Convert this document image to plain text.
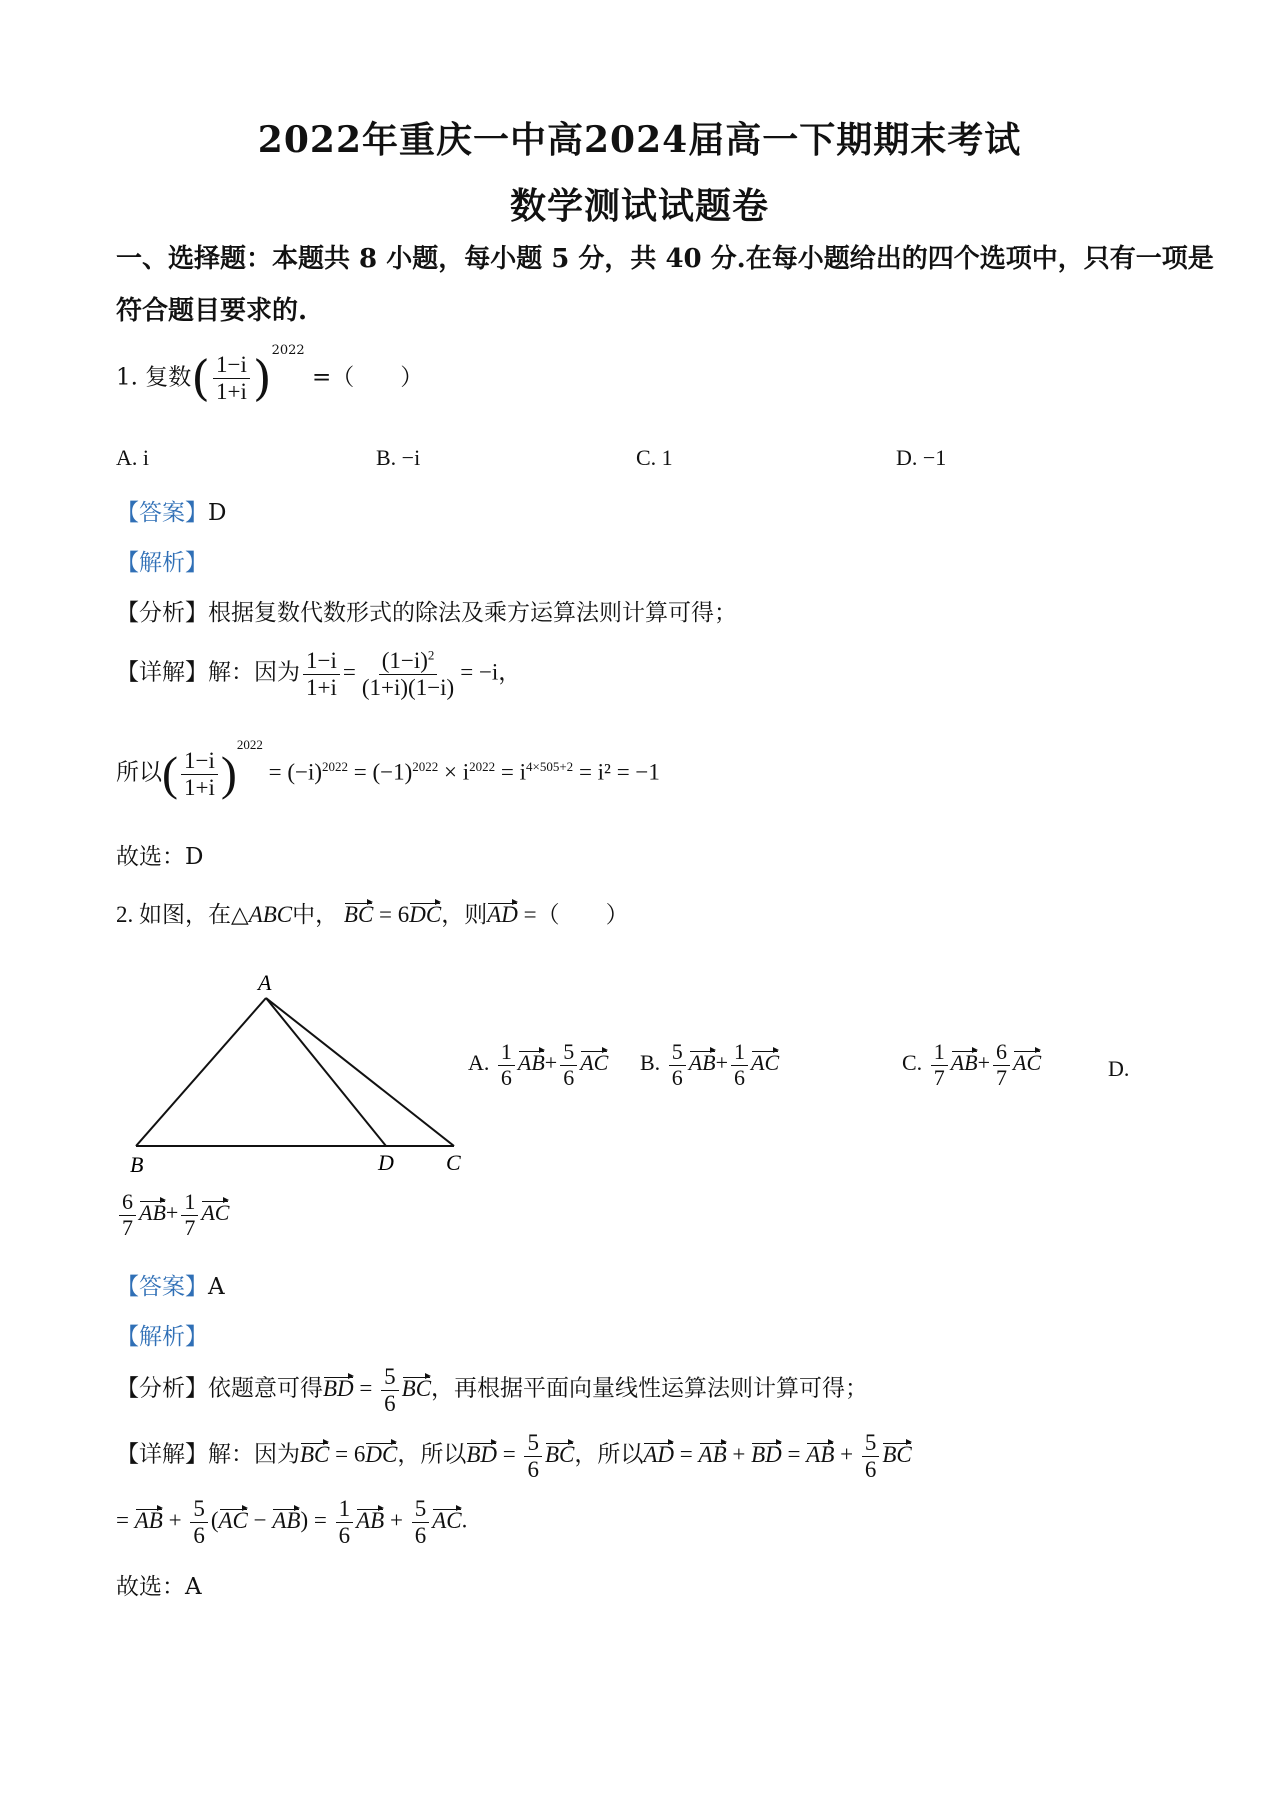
2022年重庆一中高2024届高一下期期末考试
数学测试试题卷
一、选择题：本题共 8 小题，每小题 5 分，共 40 分.在每小题给出的四个选项中，只有一项是
符合题目要求的.
1. 复数( $\frac{1-i}{1+i} )^{2022}$ =（　　）
A. i	B. −i	C. 1	D. −1
【答案】D
【解析】
【分析】根据复数代数形式的除法及乘方运算法则计算可得；
【详解】解：因为 $\frac{1-i}{1+i} = \frac{(1-i)^2}{(1+i)(1-i)} = -i$，
所以( $\frac{1-i}{1+i} )^{2022} = (-i)^{2022} = (-1)^{2022} \times i^{2022} = i^{4\times 505+2} = i^2 = -1$
故选：D
2. 如图，在△ABC中， BC = 6DC，则AD =（　　）
A
B	D C
A. $\frac{1}{6} AB+ \frac{5}{6}$ AC B. $\frac{5}{6} AB+ \frac{1}{6}$ AC	C. $\frac{1}{7} AB+ \frac{6}{7}$ AC	D.
$\frac{6}{7} AB+ \frac{1}{7}$ AC
【答案】A
【解析】
【分析】依题意可得BD = $\frac{5}{6}$ BC，再根据平面向量线性运算法则计算可得；
【详解】解：因为BC = 6DC，所以BD = $\frac{5}{6}$ BC，所以AD = AB + BD = AB + $\frac{5}{6}$ BC
= AB + $\frac{5}{6} (AC - AB) = \frac{1}{6}$ AB + $\frac{5}{6}$ AC.
故选：A
